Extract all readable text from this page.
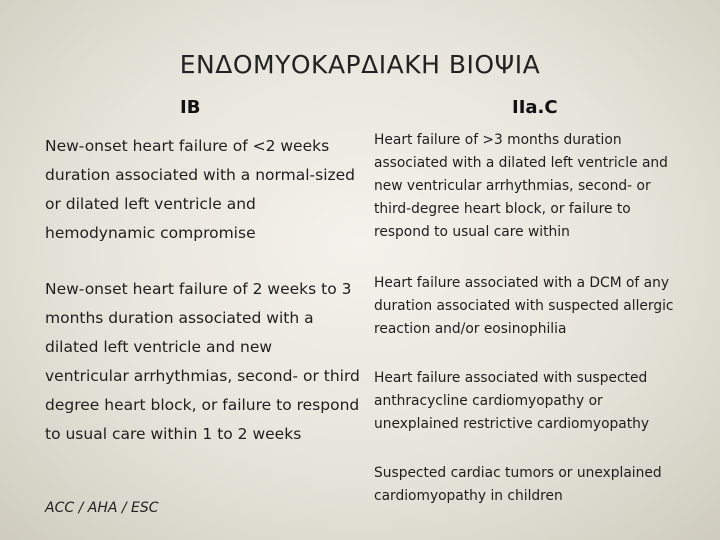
ΕΝΔΟΜΥΟΚΑΡΔΙΑΚΗ ΒΙΟΨΙΑ
IB	IIa.C
New-onset heart failure of <2 weeks duration associated with a normal-sized or dilated left ventricle and hemodynamic compromise
New-onset heart failure of 2 weeks to 3 months duration associated with a dilated left ventricle and new ventricular arrhythmias, second- or third degree heart block, or failure to respond to usual care within 1 to 2 weeks
Heart failure of >3 months duration associated with a dilated left ventricle and new ventricular arrhythmias, second- or third-degree heart block, or failure to respond to usual care within
Heart failure associated with a DCM of any duration associated with suspected allergic reaction and/or eosinophilia
Heart failure associated with suspected anthracycline cardiomyopathy or unexplained restrictive cardiomyopathy
Suspected cardiac tumors or unexplained cardiomyopathy in children
ACC / AHA / ESC
